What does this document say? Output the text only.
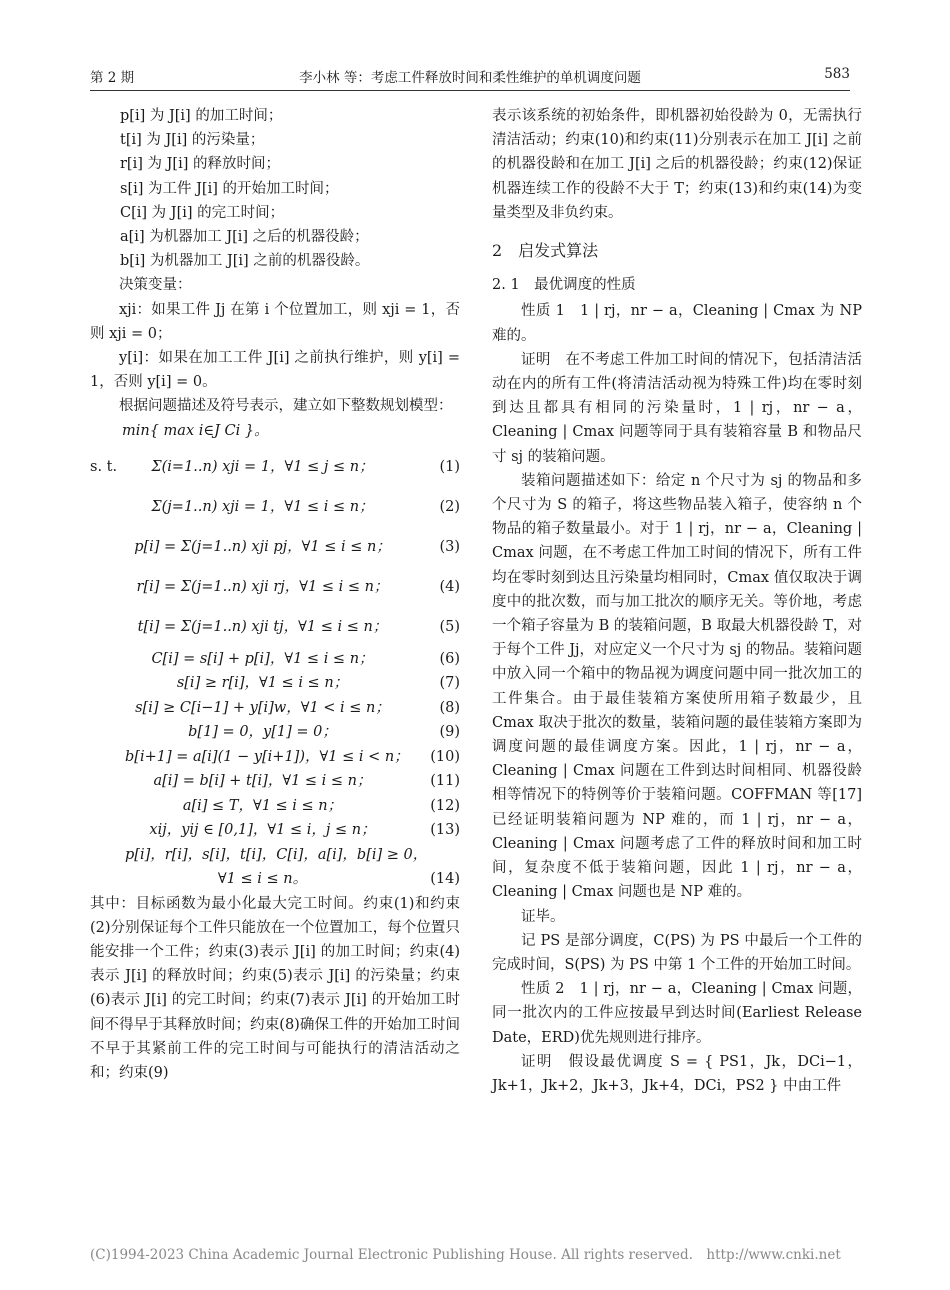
第 2 期	李小林 等：考虑工件释放时间和柔性维护的单机调度问题	583

p[i] 为 J[i] 的加工时间；

t[i] 为 J[i] 的污染量；

r[i] 为 J[i] 的释放时间；

s[i] 为工件 J[i] 的开始加工时间；

C[i] 为 J[i] 的完工时间；

a[i] 为机器加工 J[i] 之后的机器役龄；

b[i] 为机器加工 J[i] 之前的机器役龄。

决策变量：

xji：如果工件 Jj 在第 i 个位置加工，则 xji = 1，否则 xji = 0；

y[i]：如果在加工工件 J[i] 之前执行维护，则 y[i] = 1，否则 y[i] = 0。

根据问题描述及符号表示，建立如下整数规划模型：

min{ max i∈J Ci }。
s. t.	Σ(i=1..n) xji = 1，∀1 ≤ j ≤ n；	(1)
Σ(j=1..n) xji = 1，∀1 ≤ i ≤ n；	(2)
p[i] = Σ(j=1..n) xji pj，∀1 ≤ i ≤ n；	(3)
r[i] = Σ(j=1..n) xji rj，∀1 ≤ i ≤ n；	(4)
t[i] = Σ(j=1..n) xji tj，∀1 ≤ i ≤ n；	(5)
C[i] = s[i] + p[i]，∀1 ≤ i ≤ n；	(6)
s[i] ≥ r[i]，∀1 ≤ i ≤ n；	(7)
s[i] ≥ C[i−1] + y[i]w，∀1 < i ≤ n；	(8)
b[1] = 0，y[1] = 0；	(9)
b[i+1] = a[i](1 − y[i+1])，∀1 ≤ i < n； (10)
a[i] = b[i] + t[i]，∀1 ≤ i ≤ n；	(11)
a[i] ≤ T，∀1 ≤ i ≤ n；	(12)
xij，yij ∈ [0,1]，∀1 ≤ i，j ≤ n；	(13)
p[i]，r[i]，s[i]，t[i]，C[i]，a[i]，b[i] ≥ 0，
∀1 ≤ i ≤ n。	(14)

其中：目标函数为最小化最大完工时间。约束(1)和约束(2)分别保证每个工件只能放在一个位置加工，每个位置只能安排一个工件；约束(3)表示 J[i] 的加工时间；约束(4)表示 J[i] 的释放时间；约束(5)表示 J[i] 的污染量；约束(6)表示 J[i] 的完工时间；约束(7)表示 J[i] 的开始加工时间不得早于其释放时间；约束(8)确保工件的开始加工时间不早于其紧前工件的完工时间与可能执行的清洁活动之和；约束(9)

表示该系统的初始条件，即机器初始役龄为 0，无需执行清洁活动；约束(10)和约束(11)分别表示在加工 J[i] 之前的机器役龄和在加工 J[i] 之后的机器役龄；约束(12)保证机器连续工作的役龄不大于 T；约束(13)和约束(14)为变量类型及非负约束。

2　启发式算法
2. 1　最优调度的性质

性质 1　1 | rj，nr − a，Cleaning | Cmax 为 NP 难的。

证明　在不考虑工件加工时间的情况下，包括清洁活动在内的所有工件(将清洁活动视为特殊工件)均在零时刻到达且都具有相同的污染量时，1 | rj，nr − a，Cleaning | Cmax 问题等同于具有装箱容量 B 和物品尺寸 sj 的装箱问题。

装箱问题描述如下：给定 n 个尺寸为 sj 的物品和多个尺寸为 S 的箱子，将这些物品装入箱子，使容纳 n 个物品的箱子数量最小。对于 1 | rj，nr − a，Cleaning | Cmax 问题，在不考虑工件加工时间的情况下，所有工件均在零时刻到达且污染量均相同时，Cmax 值仅取决于调度中的批次数，而与加工批次的顺序无关。等价地，考虑一个箱子容量为 B 的装箱问题，B 取最大机器役龄 T，对于每个工件 Jj，对应定义一个尺寸为 sj 的物品。装箱问题中放入同一个箱中的物品视为调度问题中同一批次加工的工件集合。由于最佳装箱方案使所用箱子数最少，且 Cmax 取决于批次的数量，装箱问题的最佳装箱方案即为调度问题的最佳调度方案。因此，1 | rj，nr − a，Cleaning | Cmax 问题在工件到达时间相同、机器役龄相等情况下的特例等价于装箱问题。COFFMAN 等[17] 已经证明装箱问题为 NP 难的，而 1 | rj，nr − a，Cleaning | Cmax 问题考虑了工件的释放时间和加工时间，复杂度不低于装箱问题，因此 1 | rj，nr − a，Cleaning | Cmax 问题也是 NP 难的。

证毕。

记 PS 是部分调度，C(PS) 为 PS 中最后一个工件的完成时间，S(PS) 为 PS 中第 1 个工件的开始加工时间。

性质 2　1 | rj，nr − a，Cleaning | Cmax 问题，同一批次内的工件应按最早到达时间(Earliest Release Date，ERD)优先规则进行排序。

证明　假设最优调度 S = { PS1，Jk，DCi−1，Jk+1，Jk+2，Jk+3，Jk+4，DCi，PS2 } 中由工件

(C)1994-2023 China Academic Journal Electronic Publishing House. All rights reserved.　http://www.cnki.net
